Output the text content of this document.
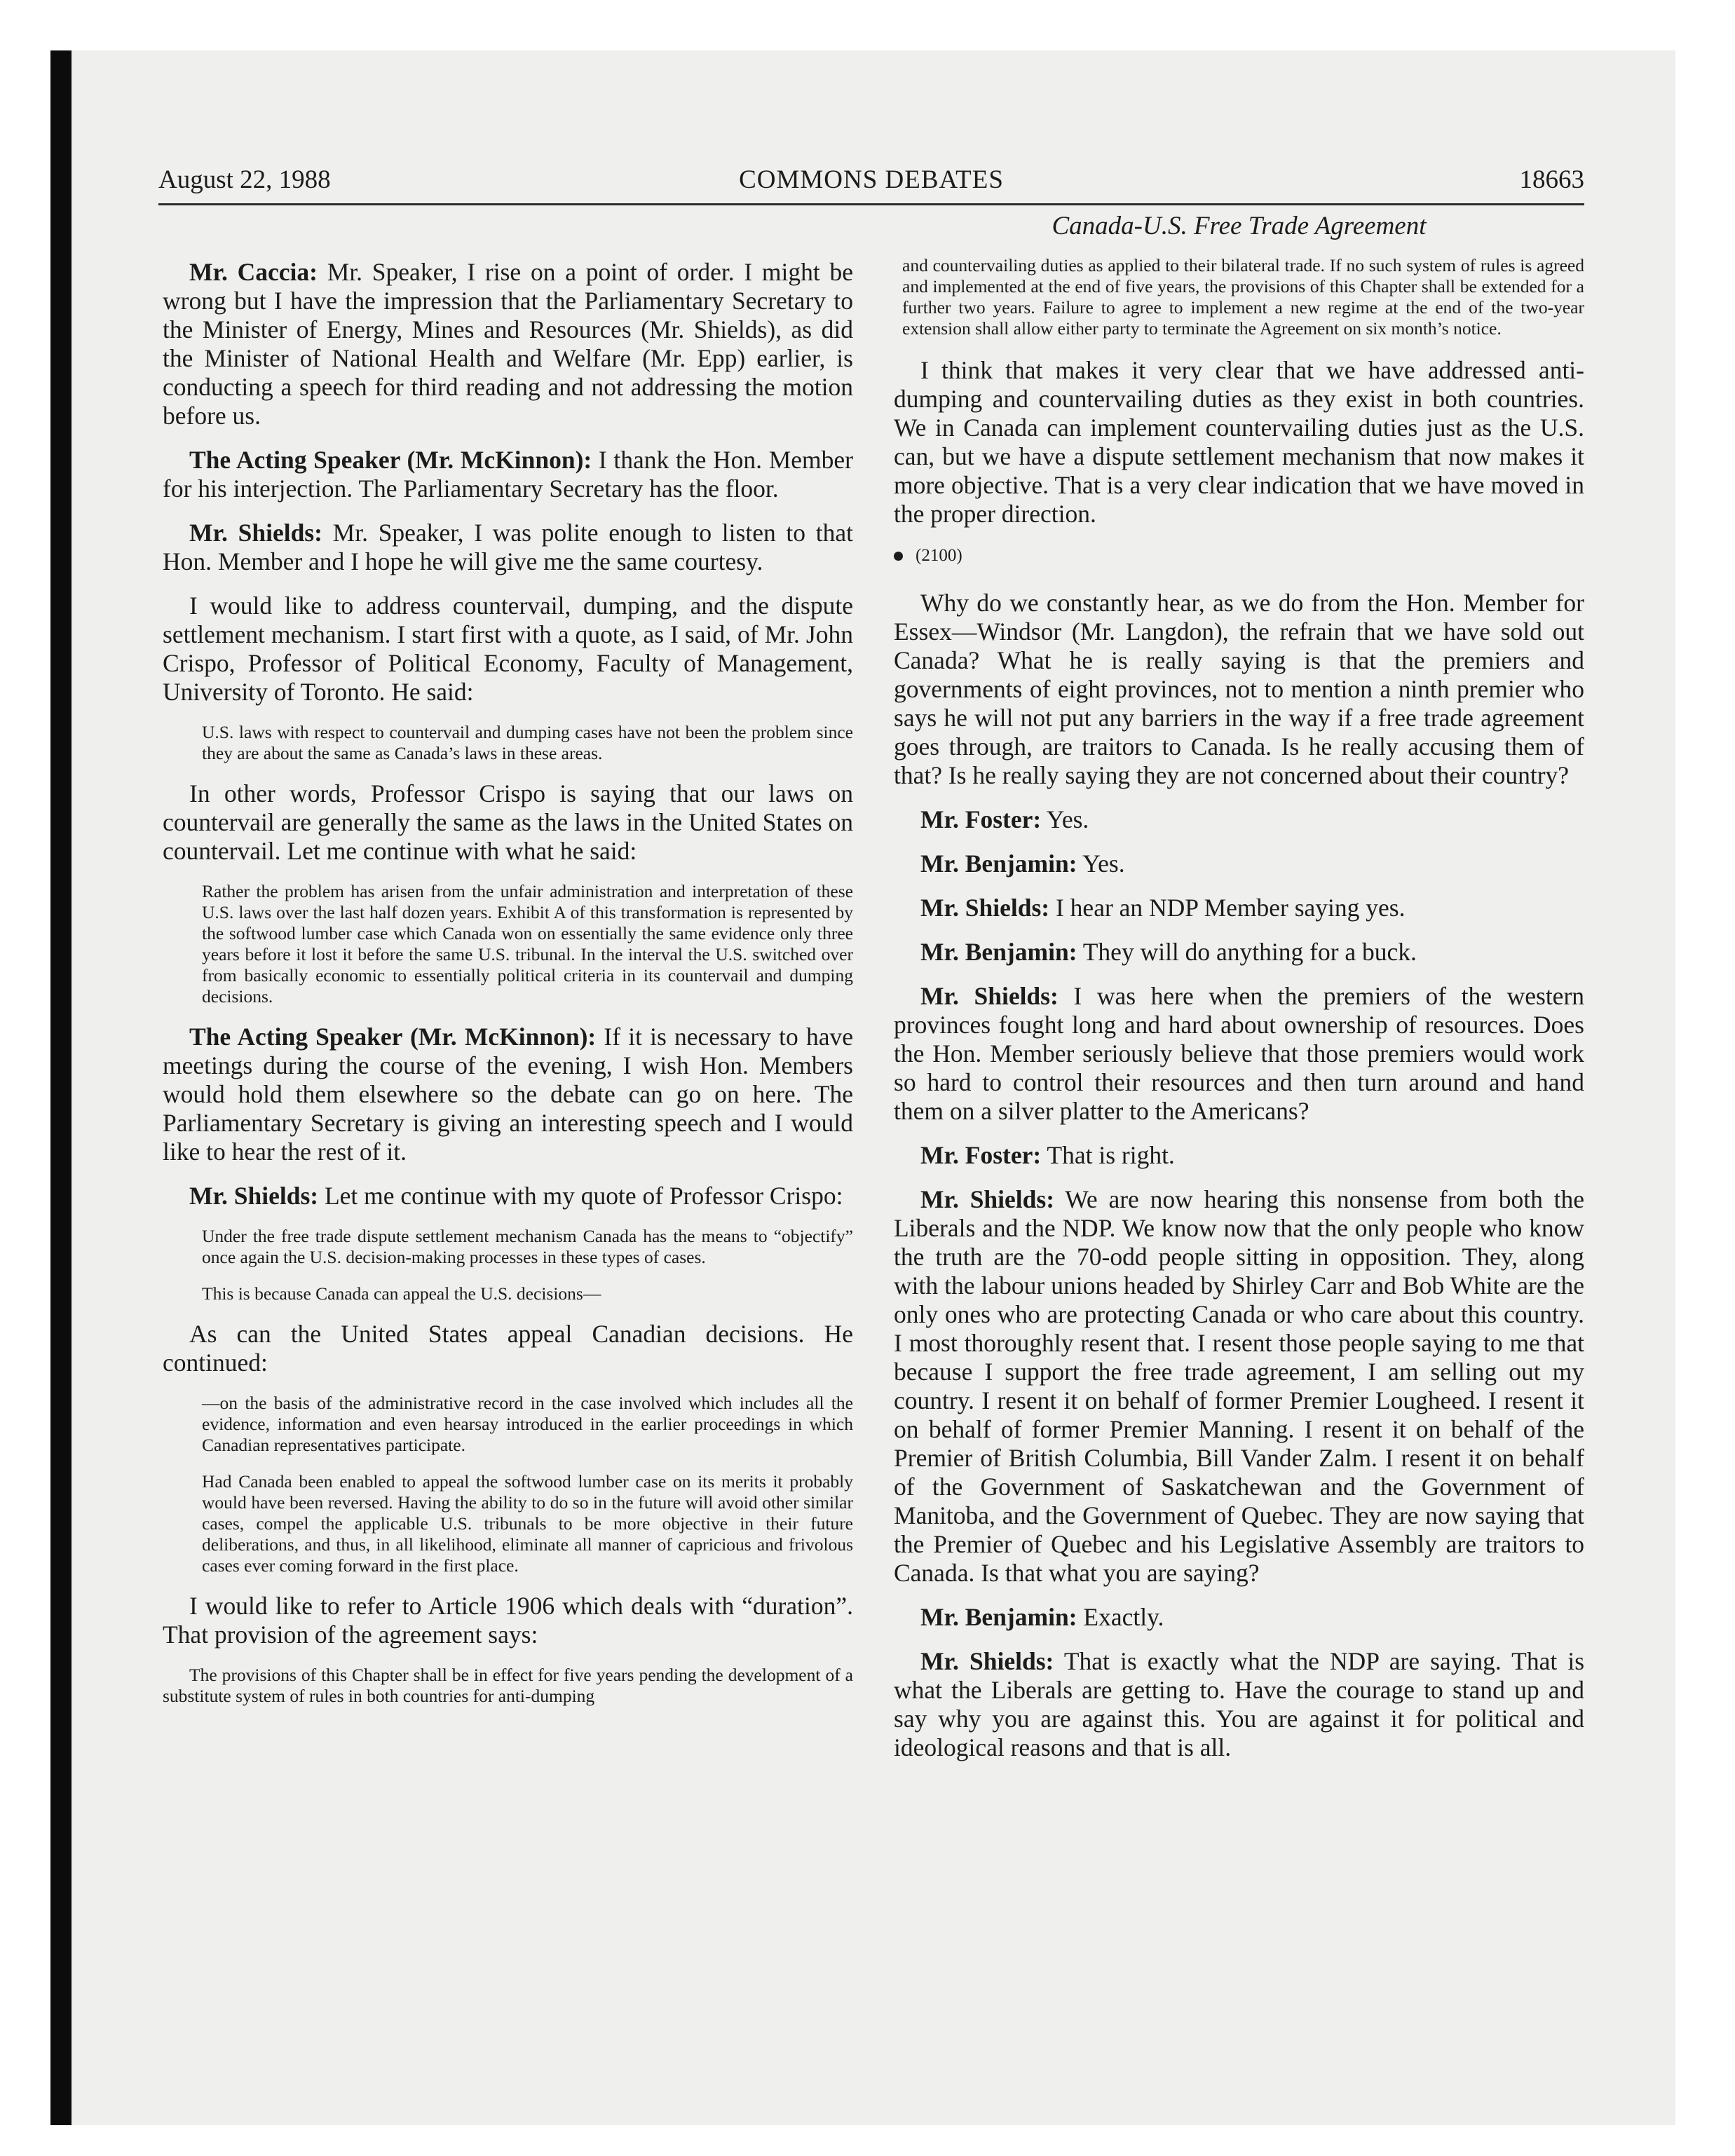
August 22, 1988	COMMONS DEBATES	18663
Canada-U.S. Free Trade Agreement

Mr. Caccia: Mr. Speaker, I rise on a point of order. I might be wrong but I have the impression that the Parliamentary Secretary to the Minister of Energy, Mines and Resources (Mr. Shields), as did the Minister of National Health and Welfare (Mr. Epp) earlier, is conducting a speech for third reading and not addressing the motion before us.

The Acting Speaker (Mr. McKinnon): I thank the Hon. Member for his interjection. The Parliamentary Secretary has the floor.

Mr. Shields: Mr. Speaker, I was polite enough to listen to that Hon. Member and I hope he will give me the same courtesy.

I would like to address countervail, dumping, and the dispute settlement mechanism. I start first with a quote, as I said, of Mr. John Crispo, Professor of Political Economy, Faculty of Management, University of Toronto. He said:

U.S. laws with respect to countervail and dumping cases have not been the problem since they are about the same as Canada’s laws in these areas.

In other words, Professor Crispo is saying that our laws on countervail are generally the same as the laws in the United States on countervail. Let me continue with what he said:

Rather the problem has arisen from the unfair administration and interpretation of these U.S. laws over the last half dozen years. Exhibit A of this transformation is represented by the softwood lumber case which Canada won on essentially the same evidence only three years before it lost it before the same U.S. tribunal. In the interval the U.S. switched over from basically economic to essentially political criteria in its countervail and dumping decisions.

The Acting Speaker (Mr. McKinnon): If it is necessary to have meetings during the course of the evening, I wish Hon. Members would hold them elsewhere so the debate can go on here. The Parliamentary Secretary is giving an interesting speech and I would like to hear the rest of it.

Mr. Shields: Let me continue with my quote of Professor Crispo:

Under the free trade dispute settlement mechanism Canada has the means to “objectify” once again the U.S. decision-making processes in these types of cases.

This is because Canada can appeal the U.S. decisions—

As can the United States appeal Canadian decisions. He continued:

—on the basis of the administrative record in the case involved which includes all the evidence, information and even hearsay introduced in the earlier proceedings in which Canadian representatives participate.

Had Canada been enabled to appeal the softwood lumber case on its merits it probably would have been reversed. Having the ability to do so in the future will avoid other similar cases, compel the applicable U.S. tribunals to be more objective in their future deliberations, and thus, in all likelihood, eliminate all manner of capricious and frivolous cases ever coming forward in the first place.

I would like to refer to Article 1906 which deals with “duration”. That provision of the agreement says:

The provisions of this Chapter shall be in effect for five years pending the development of a substitute system of rules in both countries for anti-dumping

and countervailing duties as applied to their bilateral trade. If no such system of rules is agreed and implemented at the end of five years, the provisions of this Chapter shall be extended for a further two years. Failure to agree to implement a new regime at the end of the two-year extension shall allow either party to terminate the Agreement on six month’s notice.

I think that makes it very clear that we have addressed anti-dumping and countervailing duties as they exist in both countries. We in Canada can implement countervailing duties just as the U.S. can, but we have a dispute settlement mechanism that now makes it more objective. That is a very clear indication that we have moved in the proper direction.

(2100)

Why do we constantly hear, as we do from the Hon. Member for Essex—Windsor (Mr. Langdon), the refrain that we have sold out Canada? What he is really saying is that the premiers and governments of eight provinces, not to mention a ninth premier who says he will not put any barriers in the way if a free trade agreement goes through, are traitors to Canada. Is he really accusing them of that? Is he really saying they are not concerned about their country?

Mr. Foster: Yes.

Mr. Benjamin: Yes.

Mr. Shields: I hear an NDP Member saying yes.

Mr. Benjamin: They will do anything for a buck.

Mr. Shields: I was here when the premiers of the western provinces fought long and hard about ownership of resources. Does the Hon. Member seriously believe that those premiers would work so hard to control their resources and then turn around and hand them on a silver platter to the Americans?

Mr. Foster: That is right.

Mr. Shields: We are now hearing this nonsense from both the Liberals and the NDP. We know now that the only people who know the truth are the 70-odd people sitting in opposition. They, along with the labour unions headed by Shirley Carr and Bob White are the only ones who are protecting Canada or who care about this country. I most thoroughly resent that. I resent those people saying to me that because I support the free trade agreement, I am selling out my country. I resent it on behalf of former Premier Lougheed. I resent it on behalf of former Premier Manning. I resent it on behalf of the Premier of British Columbia, Bill Vander Zalm. I resent it on behalf of the Government of Saskatchewan and the Government of Manitoba, and the Government of Quebec. They are now saying that the Premier of Quebec and his Legislative Assembly are traitors to Canada. Is that what you are saying?

Mr. Benjamin: Exactly.

Mr. Shields: That is exactly what the NDP are saying. That is what the Liberals are getting to. Have the courage to stand up and say why you are against this. You are against it for political and ideological reasons and that is all.
